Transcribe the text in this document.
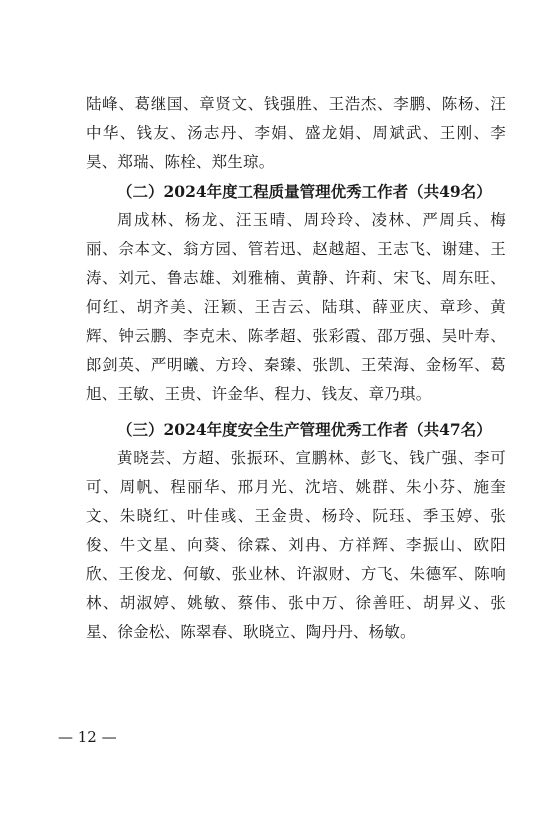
陆峰、葛继国、章贤文、钱强胜、王浩杰、李鹏、陈杨、汪中华、钱友、汤志丹、李娟、盛龙娟、周斌武、王刚、李昊、郑瑞、陈栓、郑生琼。
（二）2024年度工程质量管理优秀工作者（共49名）
周成林、杨龙、汪玉晴、周玲玲、凌林、严周兵、梅丽、佘本文、翁方园、管若迅、赵越超、王志飞、谢建、王涛、刘元、鲁志雄、刘雅楠、黄静、许莉、宋飞、周东旺、何红、胡齐美、汪颖、王吉云、陆琪、薛亚庆、章珍、黄辉、钟云鹏、李克未、陈孝超、张彩霞、邵万强、吴叶寿、郎剑英、严明曦、方玲、秦臻、张凯、王荣海、金杨军、葛旭、王敏、王贵、许金华、程力、钱友、章乃琪。
（三）2024年度安全生产管理优秀工作者（共47名）
黄晓芸、方超、张振环、宣鹏林、彭飞、钱广强、李可可、周帆、程丽华、邢月光、沈培、姚群、朱小芬、施奎文、朱晓红、叶佳彧、王金贵、杨玲、阮珏、季玉婷、张俊、牛文星、向葵、徐霖、刘冉、方祥辉、李振山、欧阳欣、王俊龙、何敏、张业林、许淑财、方飞、朱德军、陈响林、胡淑婷、姚敏、蔡伟、张中万、徐善旺、胡昇义、张星、徐金松、陈翠春、耿晓立、陶丹丹、杨敏。
— 12 —
